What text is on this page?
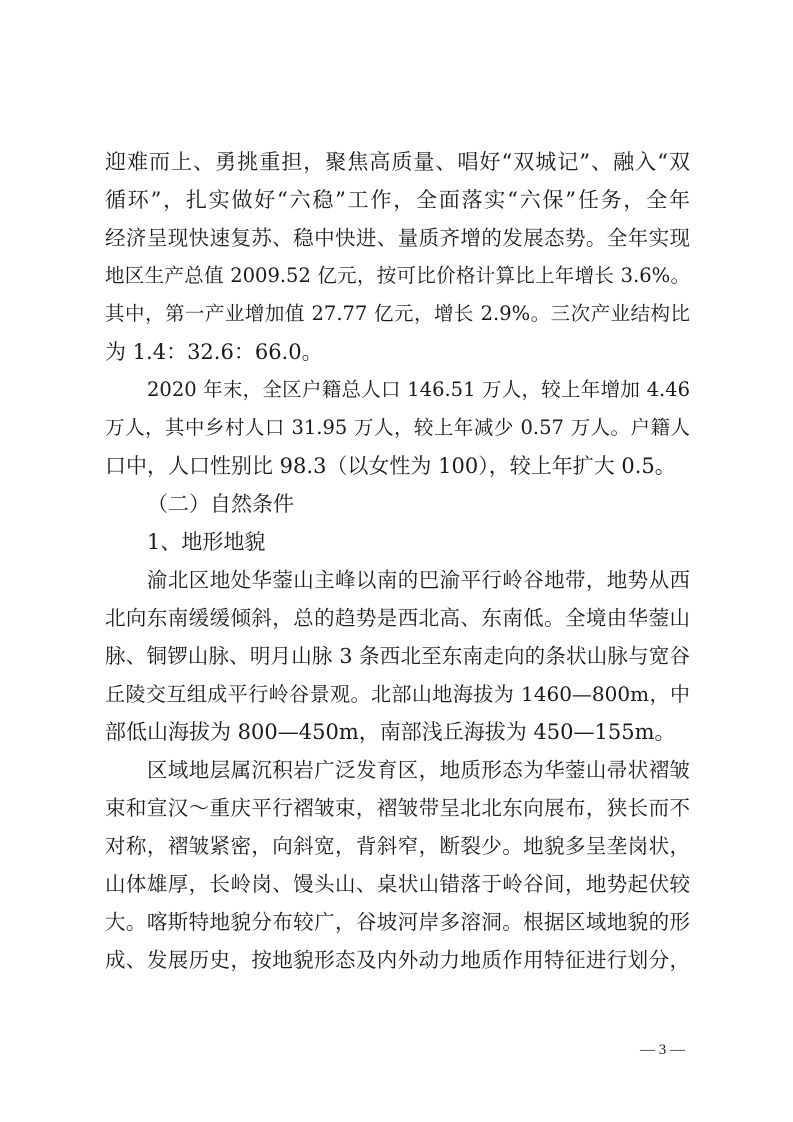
迎难而上、勇挑重担，聚焦高质量、唱好“双城记”、融入“双
循环”，扎实做好“六稳”工作，全面落实“六保”任务，全年
经济呈现快速复苏、稳中快进、量质齐增的发展态势。全年实现
地区生产总值 2009.52 亿元，按可比价格计算比上年增长 3.6%。
其中，第一产业增加值 27.77 亿元，增长 2.9%。三次产业结构比
为 1.4：32.6：66.0。
2020 年末，全区户籍总人口 146.51 万人，较上年增加 4.46
万人，其中乡村人口 31.95 万人，较上年减少 0.57 万人。户籍人
口中，人口性别比 98.3（以女性为 100），较上年扩大 0.5。
（二）自然条件
1、地形地貌
渝北区地处华蓥山主峰以南的巴渝平行岭谷地带，地势从西
北向东南缓缓倾斜，总的趋势是西北高、东南低。全境由华蓥山
脉、铜锣山脉、明月山脉 3 条西北至东南走向的条状山脉与宽谷
丘陵交互组成平行岭谷景观。北部山地海拔为 1460—800m，中
部低山海拔为 800—450m，南部浅丘海拔为 450—155m。
区域地层属沉积岩广泛发育区，地质形态为华蓥山帚状褶皱
束和宣汉～重庆平行褶皱束，褶皱带呈北北东向展布，狭长而不
对称，褶皱紧密，向斜宽，背斜窄，断裂少。地貌多呈垄岗状，
山体雄厚，长岭岗、馒头山、桌状山错落于岭谷间，地势起伏较
大。喀斯特地貌分布较广，谷坡河岸多溶洞。根据区域地貌的形
成、发展历史，按地貌形态及内外动力地质作用特征进行划分，
— 3 —
